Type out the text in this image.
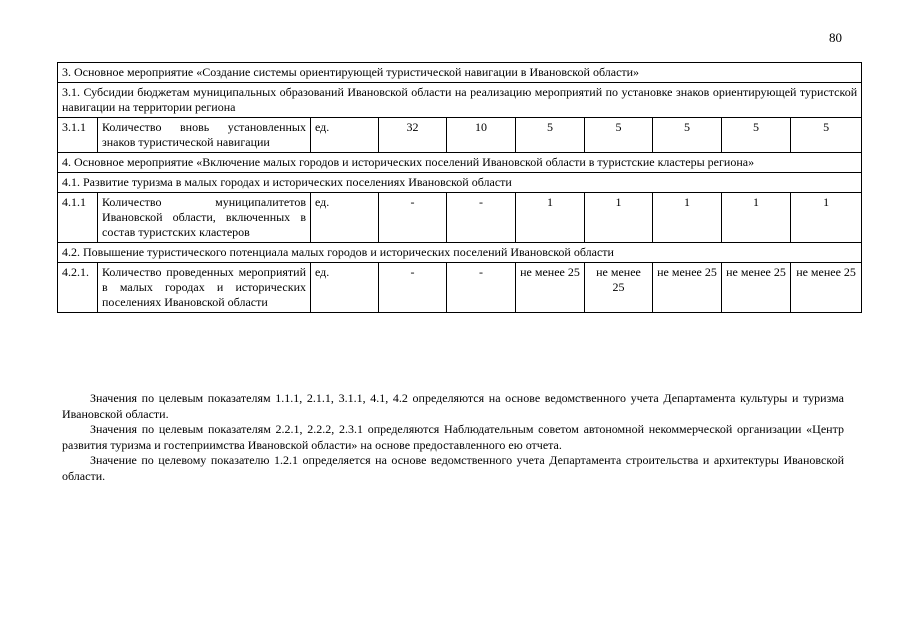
80
3. Основное мероприятие «Создание системы ориентирующей туристической навигации в Ивановской области»									
3.1. Субсидии бюджетам муниципальных образований Ивановской области на реализацию мероприятий по установке знаков ориентирующей туристской навигации на территории региона									
3.1.1	Количество вновь установленных знаков туристической навигации	ед.	32	10	5	5	5	5	5
4. Основное мероприятие «Включение малых городов и исторических поселений Ивановской области в туристские кластеры региона»									
4.1. Развитие туризма в малых городах и исторических поселениях Ивановской области									
4.1.1	Количество муниципалитетов Ивановской области, включенных в состав туристских кластеров	ед.	-	-	1	1	1	1	1
4.2. Повышение туристического потенциала малых городов и исторических поселений Ивановской области									
4.2.1.	Количество проведенных мероприятий в малых городах и исторических поселениях Ивановской области	ед.	-	-	не менее 25	не менее 25	не менее 25	не менее 25	не менее 25

Значения по целевым показателям 1.1.1, 2.1.1, 3.1.1, 4.1, 4.2 определяются на основе ведомственного учета Департамента культуры и туризма Ивановской области.

Значения по целевым показателям 2.2.1, 2.2.2, 2.3.1 определяются Наблюдательным советом автономной некоммерческой организации «Центр развития туризма и гостеприимства Ивановской области» на основе предоставленного ею отчета.

Значение по целевому показателю 1.2.1 определяется на основе ведомственного учета Департамента строительства и архитектуры Ивановской области.
